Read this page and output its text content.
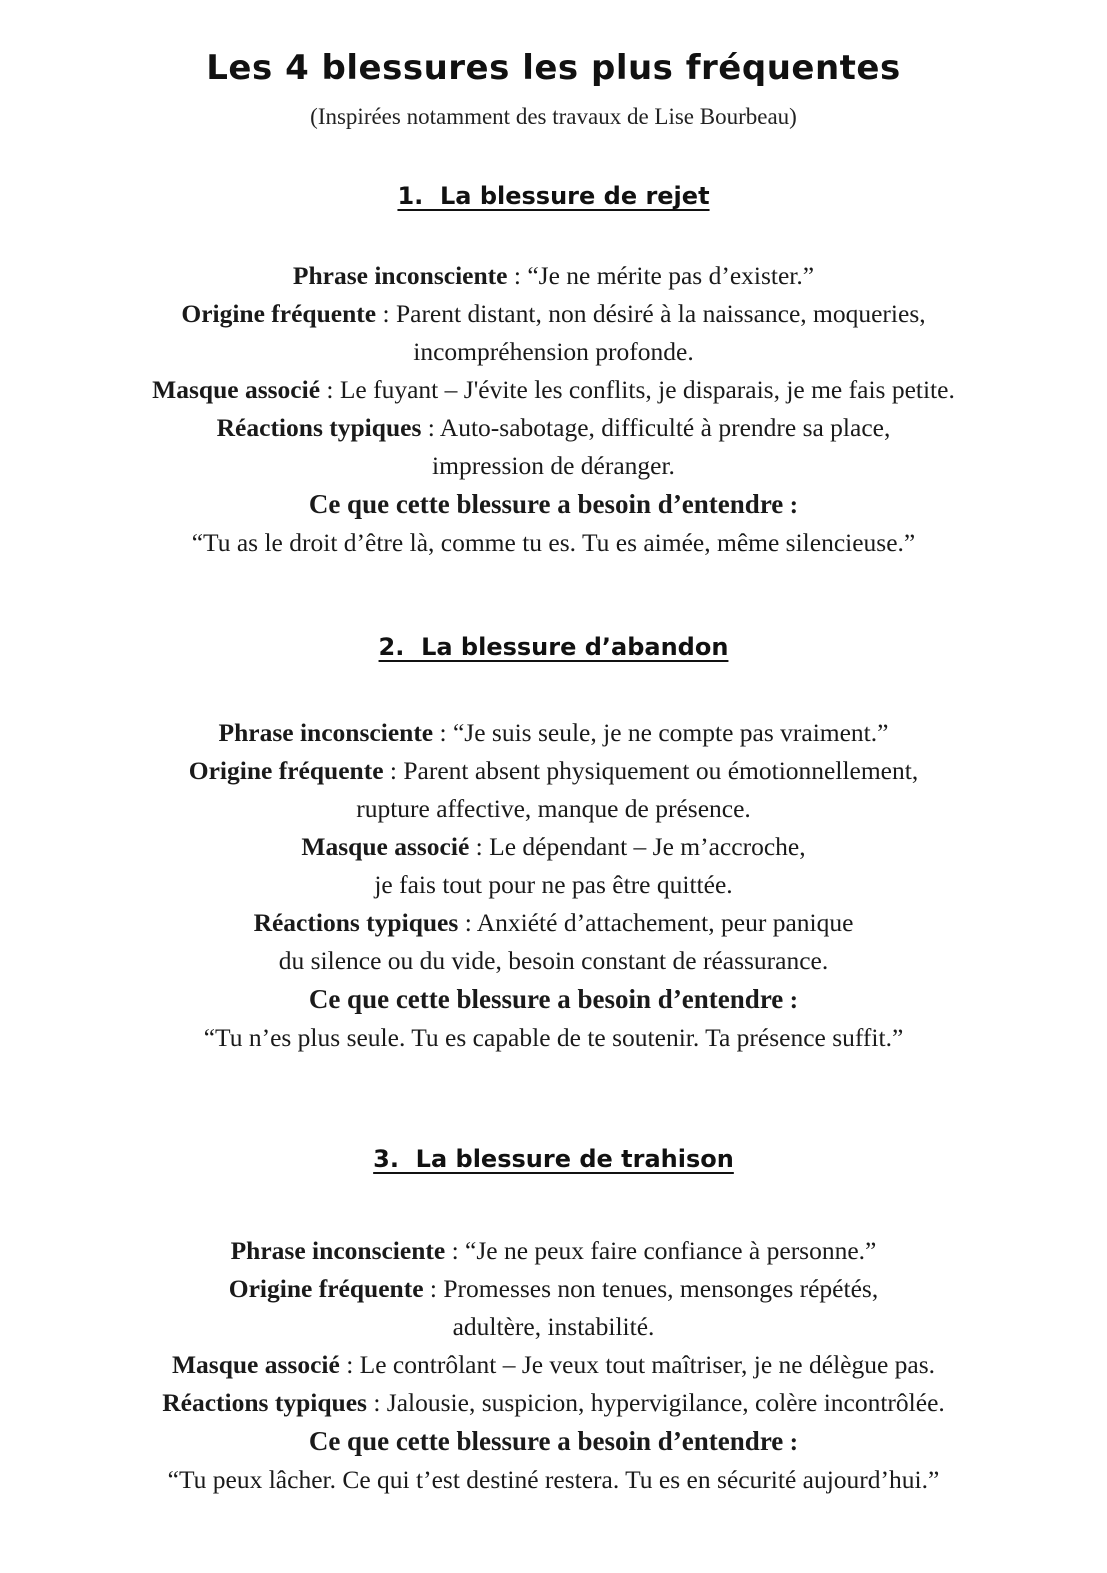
Les 4 blessures les plus fréquentes
(Inspirées notamment des travaux de Lise Bourbeau)
1.  La blessure de rejet
Phrase inconsciente : “Je ne mérite pas d’exister.”
Origine fréquente : Parent distant, non désiré à la naissance, moqueries,
incompréhension profonde.
Masque associé : Le fuyant – J'évite les conflits, je disparais, je me fais petite.
Réactions typiques : Auto-sabotage, difficulté à prendre sa place,
impression de déranger.
Ce que cette blessure a besoin d’entendre :
“Tu as le droit d’être là, comme tu es. Tu es aimée, même silencieuse.”
2.  La blessure d’abandon
Phrase inconsciente : “Je suis seule, je ne compte pas vraiment.”
Origine fréquente : Parent absent physiquement ou émotionnellement,
rupture affective, manque de présence.
Masque associé : Le dépendant – Je m’accroche,
je fais tout pour ne pas être quittée.
Réactions typiques : Anxiété d’attachement, peur panique
du silence ou du vide, besoin constant de réassurance.
Ce que cette blessure a besoin d’entendre :
“Tu n’es plus seule. Tu es capable de te soutenir. Ta présence suffit.”
3.  La blessure de trahison
Phrase inconsciente : “Je ne peux faire confiance à personne.”
Origine fréquente : Promesses non tenues, mensonges répétés,
adultère, instabilité.
Masque associé : Le contrôlant – Je veux tout maîtriser, je ne délègue pas.
Réactions typiques : Jalousie, suspicion, hypervigilance, colère incontrôlée.
Ce que cette blessure a besoin d’entendre :
“Tu peux lâcher. Ce qui t’est destiné restera. Tu es en sécurité aujourd’hui.”
